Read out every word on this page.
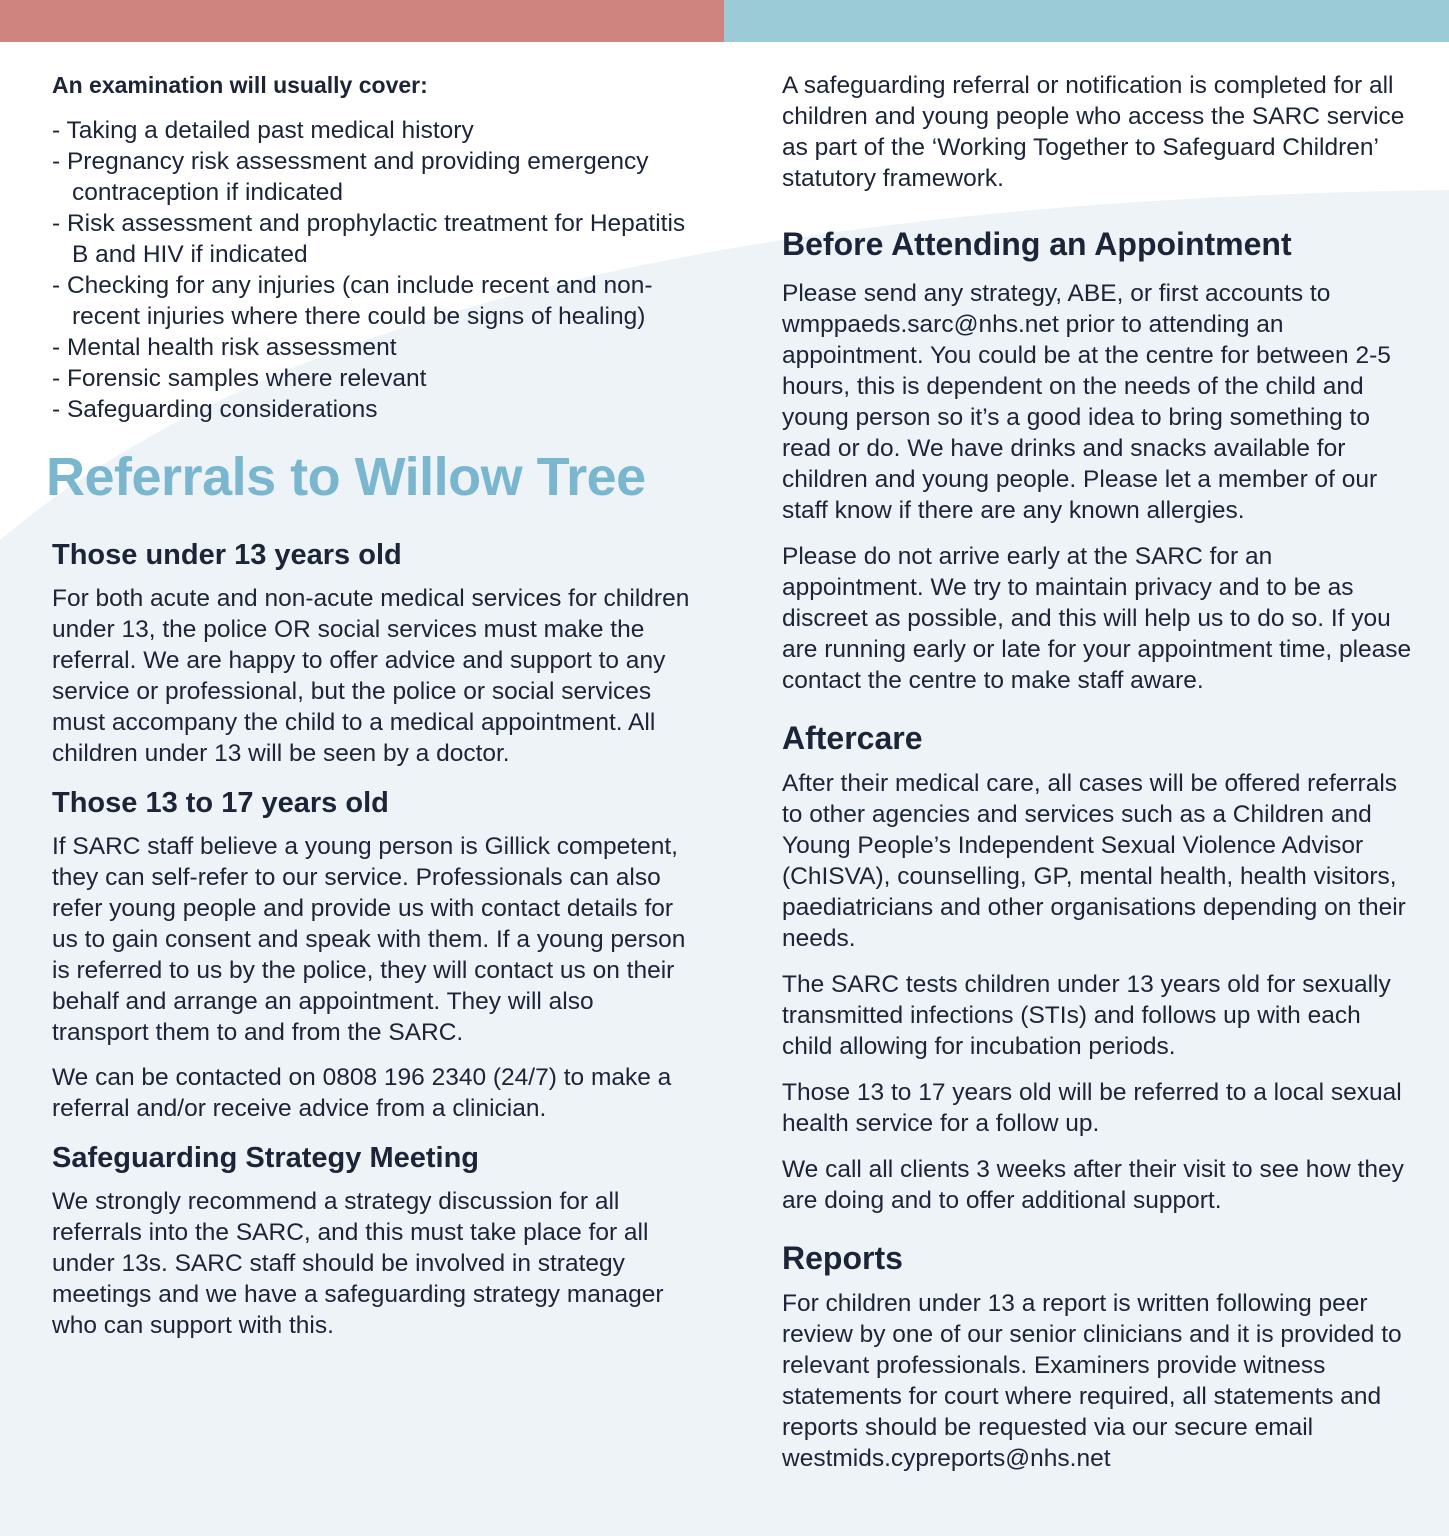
An examination will usually cover:

- Taking a detailed past medical history
- Pregnancy risk assessment and providing emergency contraception if indicated
- Risk assessment and prophylactic treatment for Hepatitis B and HIV if indicated
- Checking for any injuries (can include recent and non-recent injuries where there could be signs of healing)
- Mental health risk assessment
- Forensic samples where relevant
- Safeguarding considerations
Referrals to Willow Tree
Those under 13 years old

For both acute and non-acute medical services for children under 13, the police OR social services must make the referral. We are happy to offer advice and support to any service or professional, but the police or social services must accompany the child to a medical appointment. All children under 13 will be seen by a doctor.

Those 13 to 17 years old

If SARC staff believe a young person is Gillick competent, they can self-refer to our service. Professionals can also refer young people and provide us with contact details for us to gain consent and speak with them. If a young person is referred to us by the police, they will contact us on their behalf and arrange an appointment. They will also transport them to and from the SARC.

We can be contacted on 0808 196 2340 (24/7) to make a referral and/or receive advice from a clinician.

Safeguarding Strategy Meeting

We strongly recommend a strategy discussion for all referrals into the SARC, and this must take place for all under 13s. SARC staff should be involved in strategy meetings and we have a safeguarding strategy manager who can support with this.

A safeguarding referral or notification is completed for all children and young people who access the SARC service as part of the ‘Working Together to Safeguard Children’ statutory framework.

Before Attending an Appointment

Please send any strategy, ABE, or first accounts to wmppaeds.sarc@nhs.net prior to attending an appointment. You could be at the centre for between 2-5 hours, this is dependent on the needs of the child and young person so it’s a good idea to bring something to read or do. We have drinks and snacks available for children and young people. Please let a member of our staff know if there are any known allergies.

Please do not arrive early at the SARC for an appointment. We try to maintain privacy and to be as discreet as possible, and this will help us to do so. If you are running early or late for your appointment time, please contact the centre to make staff aware.

Aftercare

After their medical care, all cases will be offered referrals to other agencies and services such as a Children and Young People’s Independent Sexual Violence Advisor (ChISVA), counselling, GP, mental health, health visitors, paediatricians and other organisations depending on their needs.

The SARC tests children under 13 years old for sexually transmitted infections (STIs) and follows up with each child allowing for incubation periods.

Those 13 to 17 years old will be referred to a local sexual health service for a follow up.

We call all clients 3 weeks after their visit to see how they are doing and to offer additional support.

Reports

For children under 13 a report is written following peer review by one of our senior clinicians and it is provided to relevant professionals. Examiners provide witness statements for court where required, all statements and reports should be requested via our secure email westmids.cypreports@nhs.net
